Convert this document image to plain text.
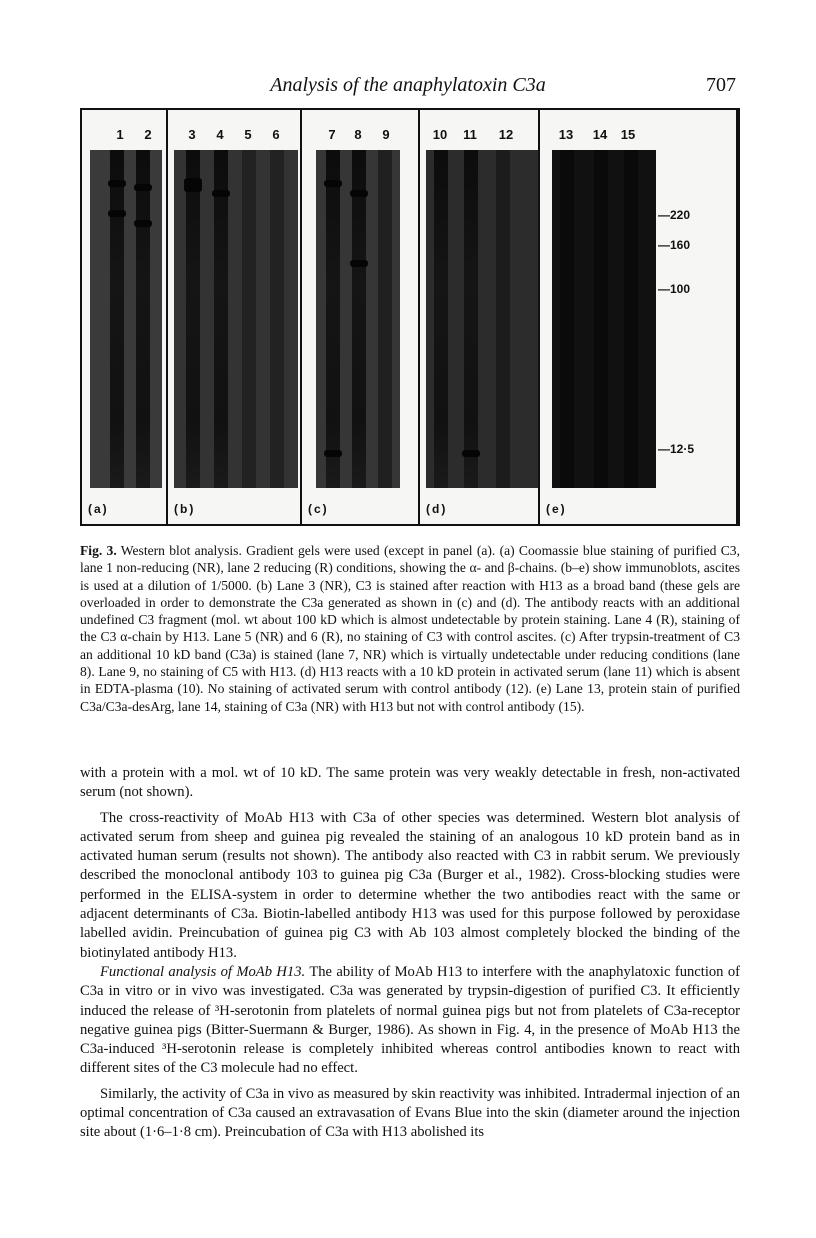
Analysis of the anaphylatoxin C3a	707
1 2
(a)
3 4 5 6
(b)
7 8 9
(c)
10 11 12
(d)
13 14 15
(e)
—220
—160
—100
—12·5
Fig. 3. Western blot analysis. Gradient gels were used (except in panel (a). (a) Coomassie blue staining of purified C3, lane 1 non-reducing (NR), lane 2 reducing (R) conditions, showing the α- and β-chains. (b–e) show immunoblots, ascites is used at a dilution of 1/5000. (b) Lane 3 (NR), C3 is stained after reaction with H13 as a broad band (these gels are overloaded in order to demonstrate the C3a generated as shown in (c) and (d). The antibody reacts with an additional undefined C3 fragment (mol. wt about 100 kD which is almost undetectable by protein staining. Lane 4 (R), staining of the C3 α-chain by H13. Lane 5 (NR) and 6 (R), no staining of C3 with control ascites. (c) After trypsin-treatment of C3 an additional 10 kD band (C3a) is stained (lane 7, NR) which is virtually undetectable under reducing conditions (lane 8). Lane 9, no staining of C5 with H13. (d) H13 reacts with a 10 kD protein in activated serum (lane 11) which is absent in EDTA-plasma (10). No staining of activated serum with control antibody (12). (e) Lane 13, protein stain of purified C3a/C3a-desArg, lane 14, staining of C3a (NR) with H13 but not with control antibody (15).

with a protein with a mol. wt of 10 kD. The same protein was very weakly detectable in fresh, non-activated serum (not shown).

The cross-reactivity of MoAb H13 with C3a of other species was determined. Western blot analysis of activated serum from sheep and guinea pig revealed the staining of an analogous 10 kD protein band as in activated human serum (results not shown). The antibody also reacted with C3 in rabbit serum. We previously described the monoclonal antibody 103 to guinea pig C3a (Burger et al., 1982). Cross-blocking studies were performed in the ELISA-system in order to determine whether the two antibodies react with the same or adjacent determinants of C3a. Biotin-labelled antibody H13 was used for this purpose followed by peroxidase labelled avidin. Preincubation of guinea pig C3 with Ab 103 almost completely blocked the binding of the biotinylated antibody H13.

Functional analysis of MoAb H13. The ability of MoAb H13 to interfere with the anaphylatoxic function of C3a in vitro or in vivo was investigated. C3a was generated by trypsin-digestion of purified C3. It efficiently induced the release of ³H-serotonin from platelets of normal guinea pigs but not from platelets of C3a-receptor negative guinea pigs (Bitter-Suermann & Burger, 1986). As shown in Fig. 4, in the presence of MoAb H13 the C3a-induced ³H-serotonin release is completely inhibited whereas control antibodies known to react with different sites of the C3 molecule had no effect.

Similarly, the activity of C3a in vivo as measured by skin reactivity was inhibited. Intradermal injection of an optimal concentration of C3a caused an extravasation of Evans Blue into the skin (diameter around the injection site about (1·6–1·8 cm). Preincubation of C3a with H13 abolished its
